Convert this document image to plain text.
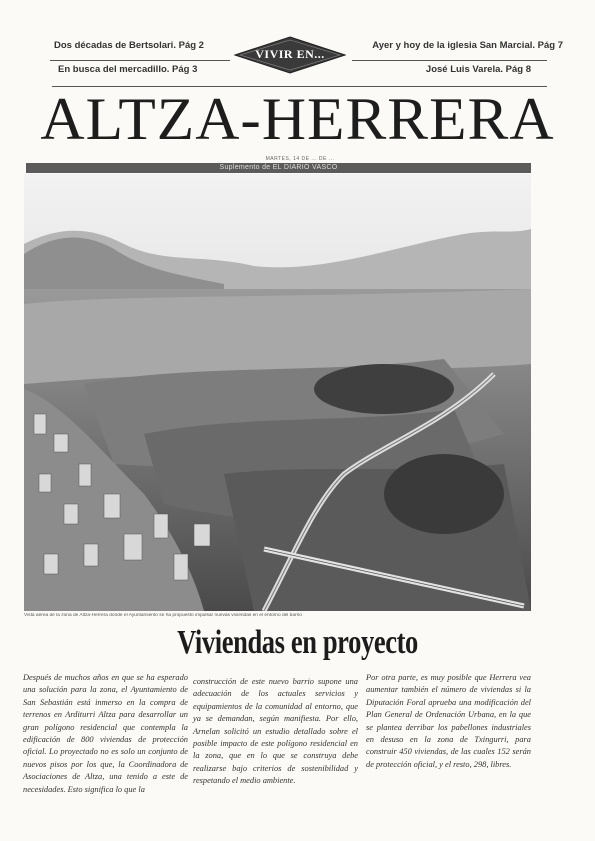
Dos décadas de Bertsolari. Pág 2
En busca del mercadillo. Pág 3
Ayer y hoy de la iglesia San Marcial. Pág 7
José Luis Varela. Pág 8
VIVIR EN...
ALTZA-HERRERA
MARTES, 14 DE ... DE ...
Suplemento de EL DIARIO VASCO
Vista aérea de la zona de Altza-Herrera donde el Ayuntamiento se ha propuesto impulsar nuevas viviendas en el entorno del barrio
Viviendas en proyecto
Después de muchos años en que se ha esperado una solución para la zona, el Ayuntamiento de San Sebastián está inmerso en la compra de terrenos en Arditurri Altza para desarrollar un gran polígono residencial que contempla la edificación de 800 viviendas de protección oficial. Lo proyectado no es solo un conjunto de nuevos pisos por los que, la Coordinadora de Asociaciones de Altza, una tenido a este de necesidades. Esto significa lo que la
construcción de este nuevo barrio supone una adecuación de los actuales servicios y equipamientos de la comunidad al entorno, que ya se demandan, según manifiesta. Por ello, Arnelan solicitó un estudio detallado sobre el posible impacto de este polígono residencial en la zona, que en lo que se construya debe realizarse bajo criterios de sostenibilidad y respetando el medio ambiente.
Por otra parte, es muy posible que Herrera vea aumentar también el número de viviendas si la Diputación Foral aprueba una modificación del Plan General de Ordenación Urbana, en la que se plantea derribar los pabellones industriales en desuso en la zona de Txingurri, para construir 450 viviendas, de las cuales 152 serán de protección oficial, y el resto, 298, libres.
